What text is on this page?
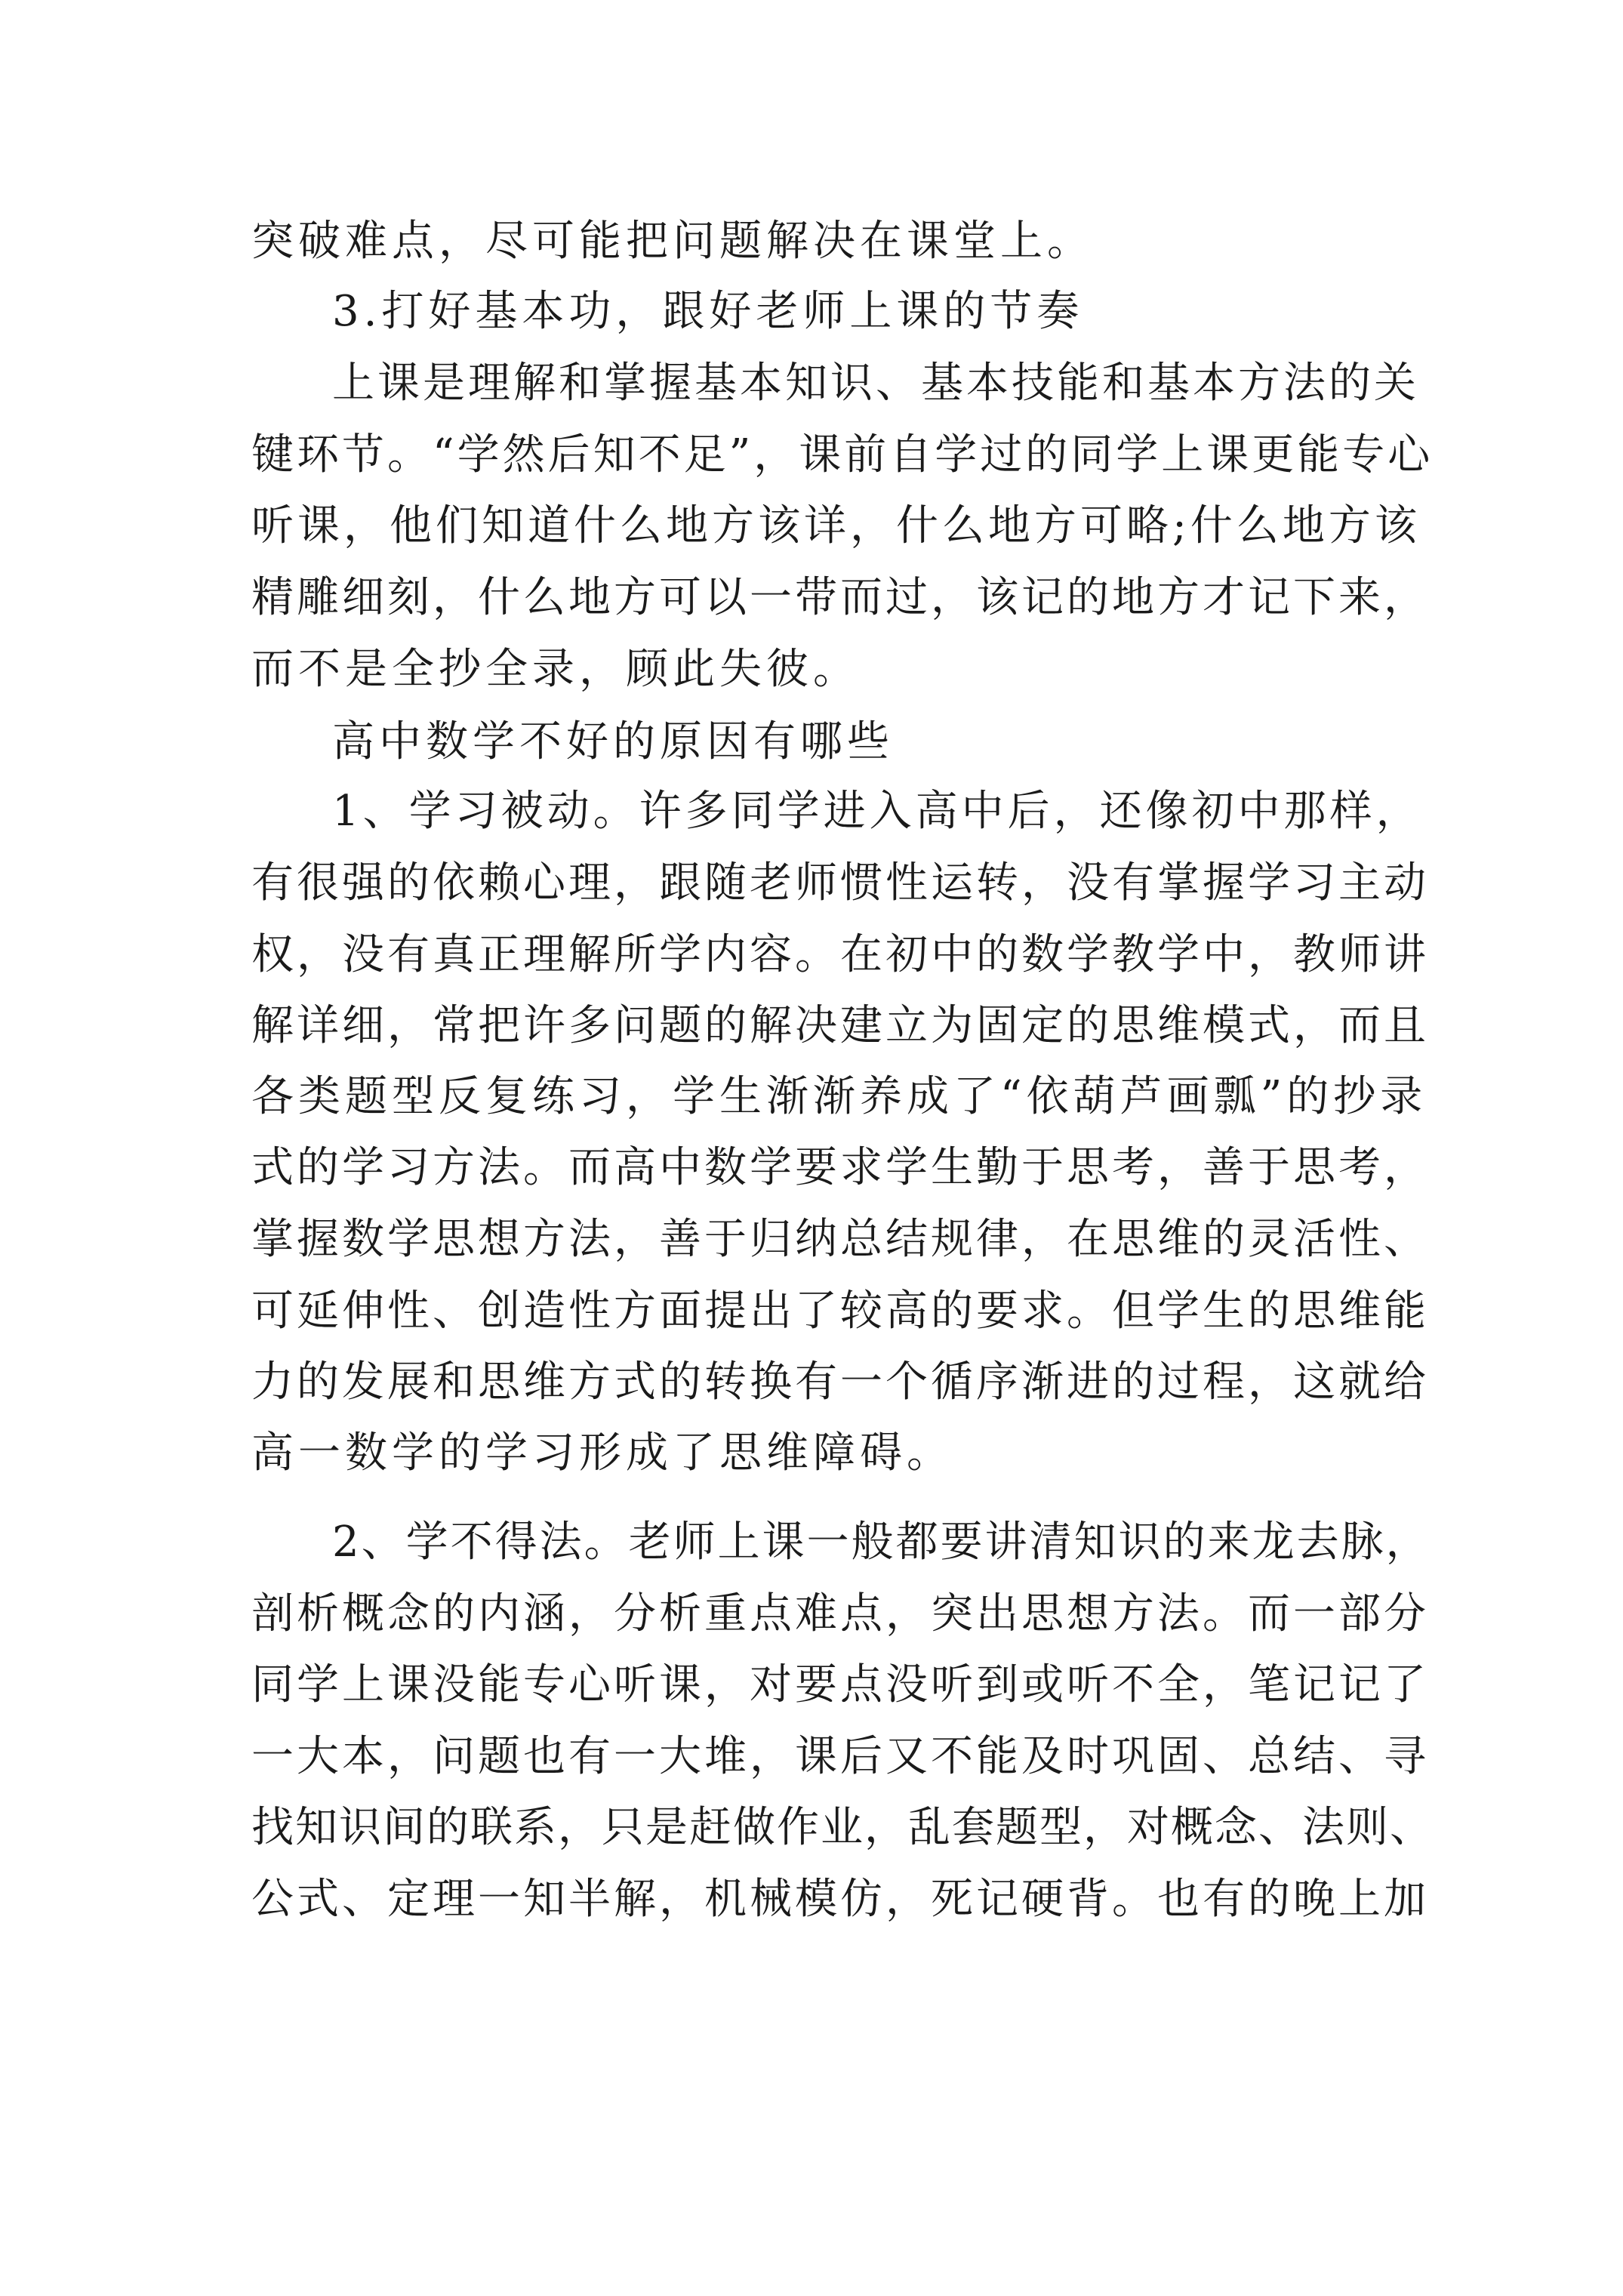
突破难点，尽可能把问题解决在课堂上。
3.打好基本功，跟好老师上课的节奏
上课是理解和掌握基本知识、基本技能和基本方法的关
键环节。“学然后知不足”，课前自学过的同学上课更能专心
听课，他们知道什么地方该详，什么地方可略;什么地方该
精雕细刻，什么地方可以一带而过，该记的地方才记下来，
而不是全抄全录，顾此失彼。
高中数学不好的原因有哪些
1、学习被动。许多同学进入高中后，还像初中那样，
有很强的依赖心理，跟随老师惯性运转，没有掌握学习主动
权，没有真正理解所学内容。在初中的数学教学中，教师讲
解详细，常把许多问题的解决建立为固定的思维模式，而且
各类题型反复练习，学生渐渐养成了“依葫芦画瓢”的抄录
式的学习方法。而高中数学要求学生勤于思考，善于思考，
掌握数学思想方法，善于归纳总结规律，在思维的灵活性、
可延伸性、创造性方面提出了较高的要求。但学生的思维能
力的发展和思维方式的转换有一个循序渐进的过程，这就给
高一数学的学习形成了思维障碍。
2、学不得法。老师上课一般都要讲清知识的来龙去脉，
剖析概念的内涵，分析重点难点，突出思想方法。而一部分
同学上课没能专心听课，对要点没听到或听不全，笔记记了
一大本，问题也有一大堆，课后又不能及时巩固、总结、寻
找知识间的联系，只是赶做作业，乱套题型，对概念、法则、
公式、定理一知半解，机械模仿，死记硬背。也有的晚上加
